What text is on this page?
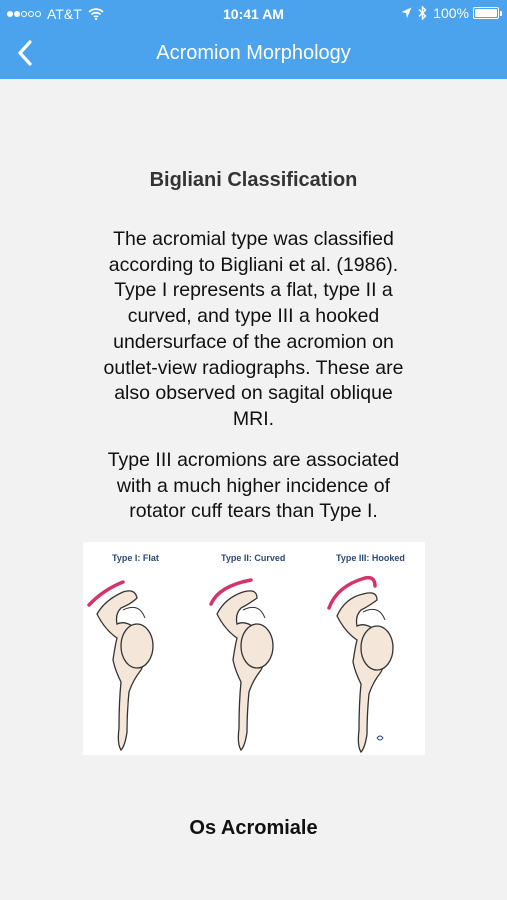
AT&T	10:41 AM	100%
Acromion Morphology
Bigliani Classification
The acromial type was classified according to Bigliani et al. (1986). Type I represents a flat, type II a curved, and type III a hooked undersurface of the acromion on outlet-view radiographs. These are also observed on sagital oblique MRI.
Type III acromions are associated with a much higher incidence of rotator cuff tears than Type I.
Type I: Flat	Type II: Curved	Type III: Hooked
Os Acromiale
